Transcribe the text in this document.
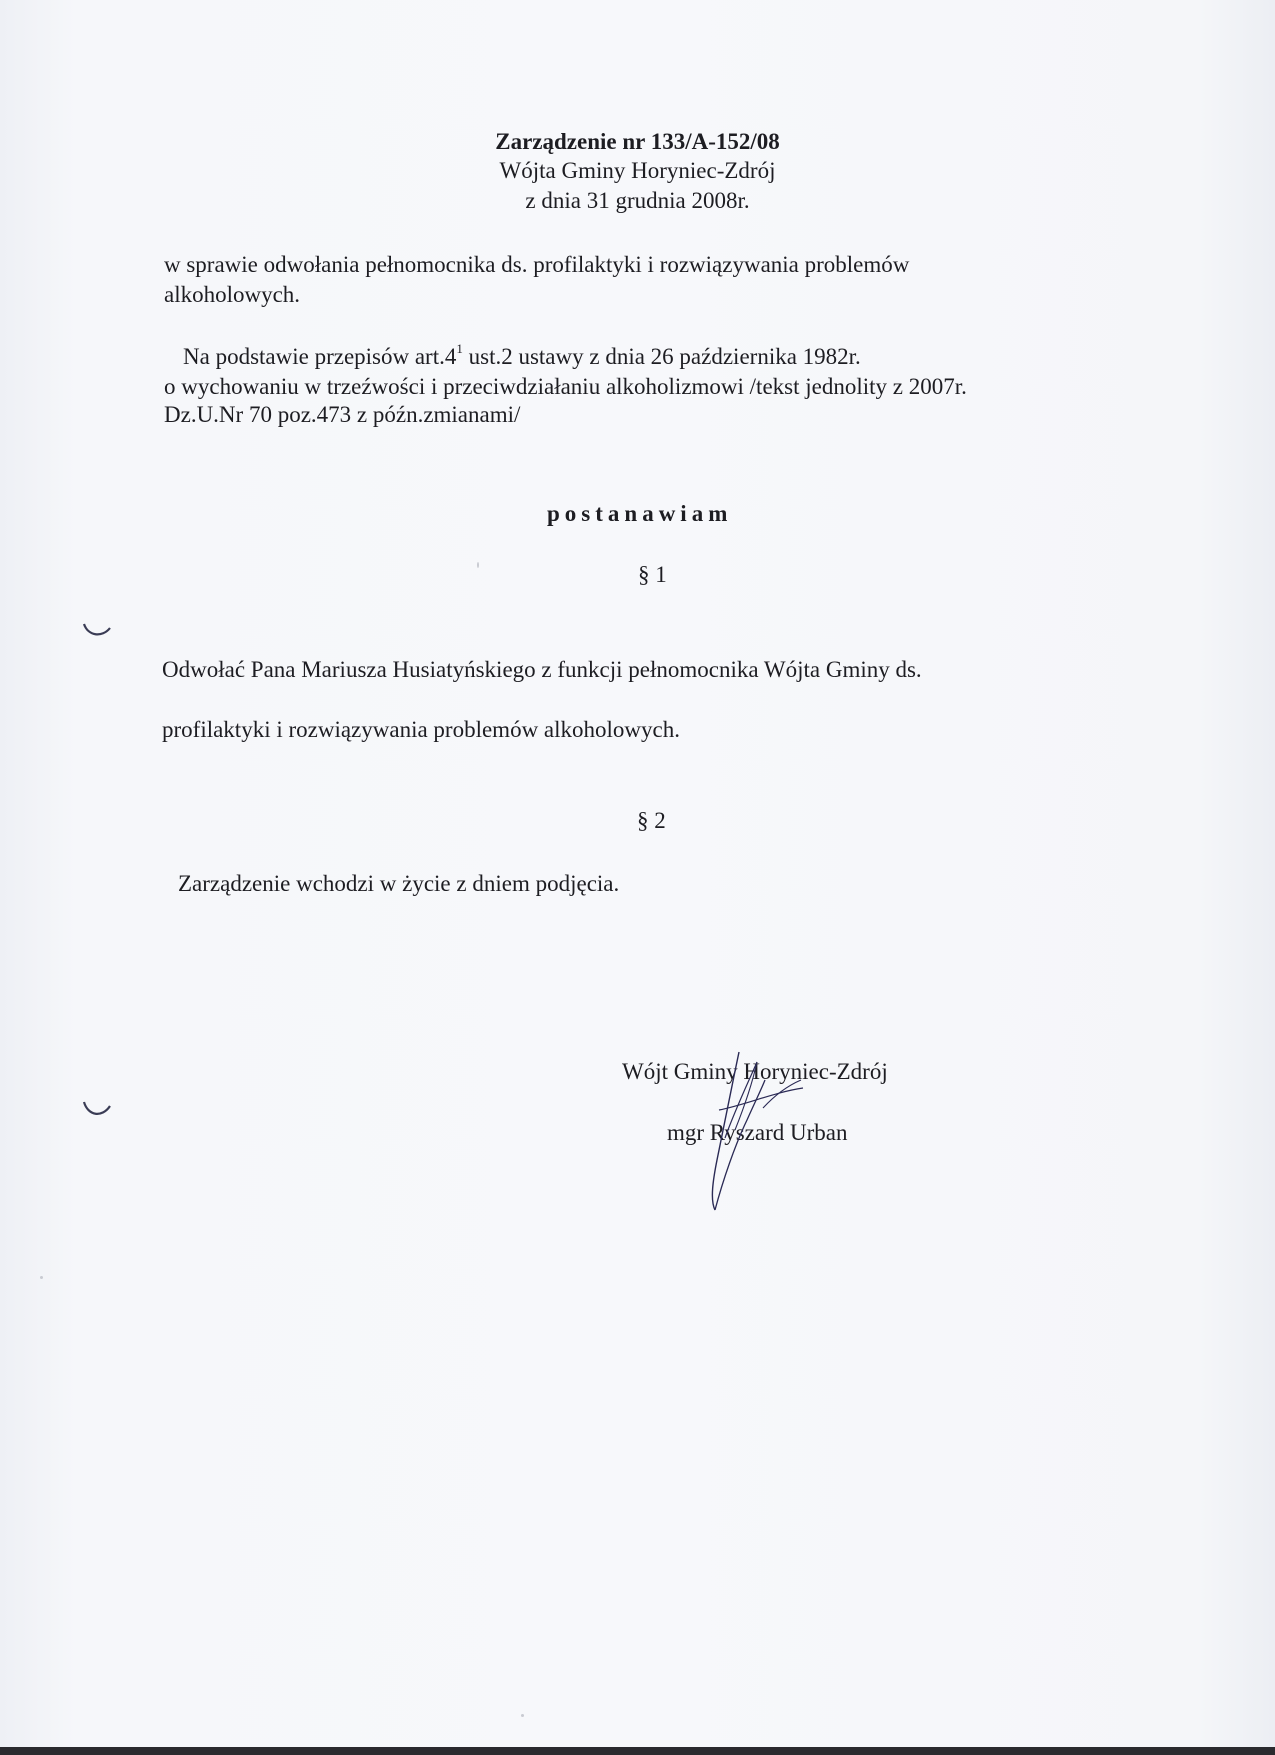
Zarządzenie nr 133/A-152/08
Wójta Gminy Horyniec-Zdrój
z dnia 31 grudnia 2008r.
w sprawie odwołania pełnomocnika ds. profilaktyki i rozwiązywania problemów
alkoholowych.
Na podstawie przepisów $art.4^1$ ust.2 ustawy z dnia 26 października 1982r.
o wychowaniu w trzeźwości i przeciwdziałaniu alkoholizmowi /tekst jednolity z 2007r.
Dz.U.Nr 70 poz.473 z późn.zmianami/
postanawiam
§ 1
Odwołać Pana Mariusza Husiatyńskiego z funkcji pełnomocnika Wójta Gminy ds.
profilaktyki i rozwiązywania problemów alkoholowych.
§ 2
Zarządzenie wchodzi w życie z dniem podjęcia.
Wójt Gminy Horyniec-Zdrój
mgr Ryszard Urban
